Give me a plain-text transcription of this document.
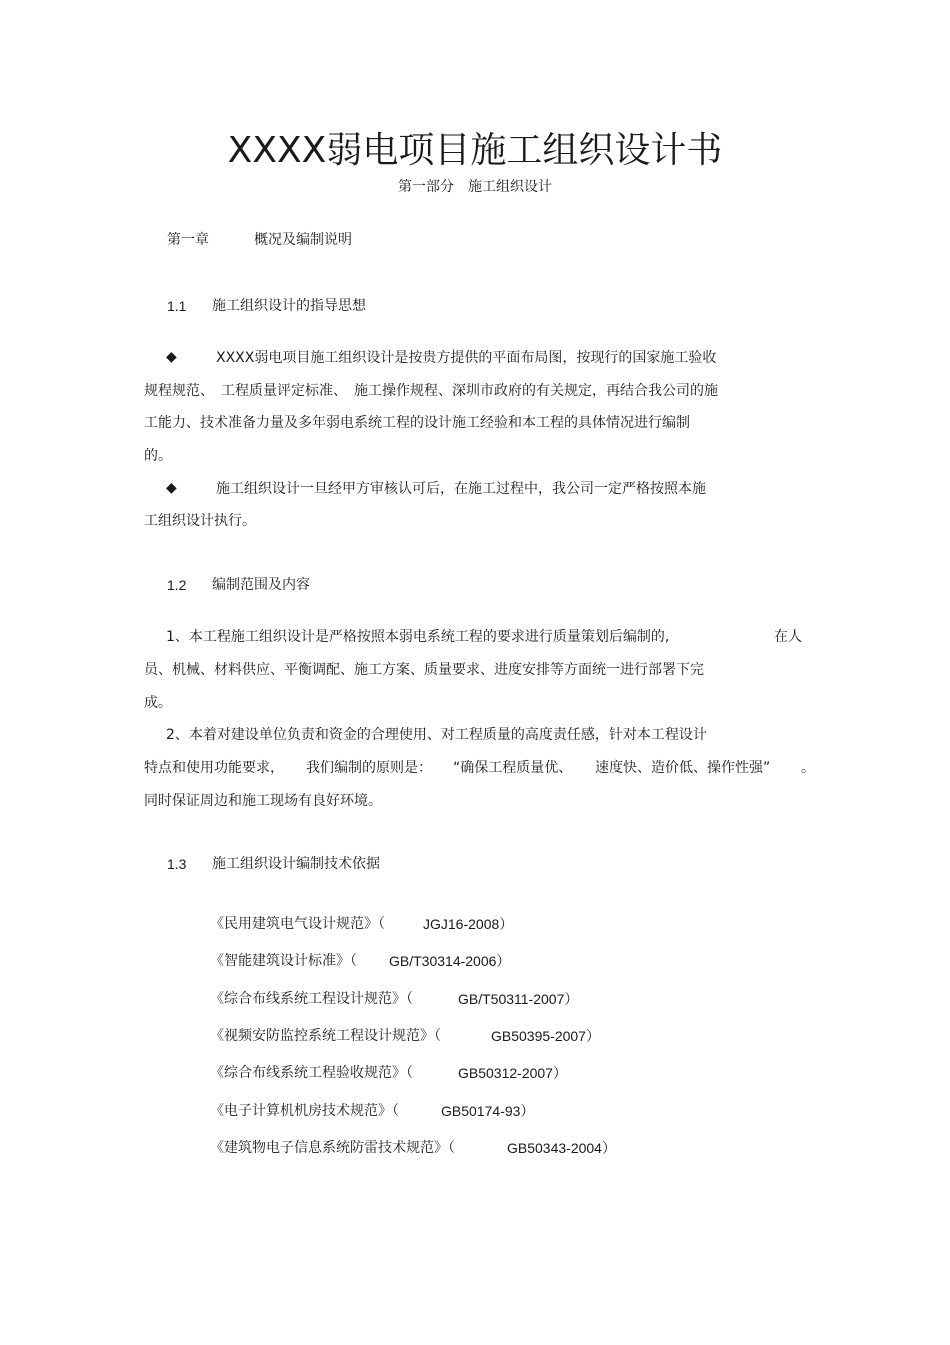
XXXX弱电项目施工组织设计书
第一部分　施工组织设计
第一章	概况及编制说明
1.1 施工组织设计的指导思想
◆	XXXX弱电项目施工组织设计是按贵方提供的平面布局图，按现行的国家施工验收
规程规范、　工程质量评定标准、　施工操作规程、深圳市政府的有关规定，再结合我公司的施
工能力、技术准备力量及多年弱电系统工程的设计施工经验和本工程的具体情况进行编制
的。
◆	施工组织设计一旦经甲方审核认可后，在施工过程中，我公司一定严格按照本施
工组织设计执行。
1.2 编制范围及内容
1、本工程施工组织设计是严格按照本弱电系统工程的要求进行质量策划后编制的,	在人
员、机械、材料供应、平衡调配、施工方案、质量要求、进度安排等方面统一进行部署下完
成。
2、本着对建设单位负责和资金的合理使用、对工程质量的高度责任感，针对本工程设计
特点和使用功能要求， 我们编制的原则是： “确保工程质量优、 速度快、造价低、操作性强” 。
同时保证周边和施工现场有良好环境。
1.3 施工组织设计编制技术依据
《民用建筑电气设计规范》（	JGJ16-2008）
《智能建筑设计标准》（ GB/T30314-2006）
《综合布线系统工程设计规范》（	GB/T50311-2007）
《视频安防监控系统工程设计规范》（	GB50395-2007）
《综合布线系统工程验收规范》（	GB50312-2007）
《电子计算机机房技术规范》（	GB50174-93）
《建筑物电子信息系统防雷技术规范》（	GB50343-2004）
